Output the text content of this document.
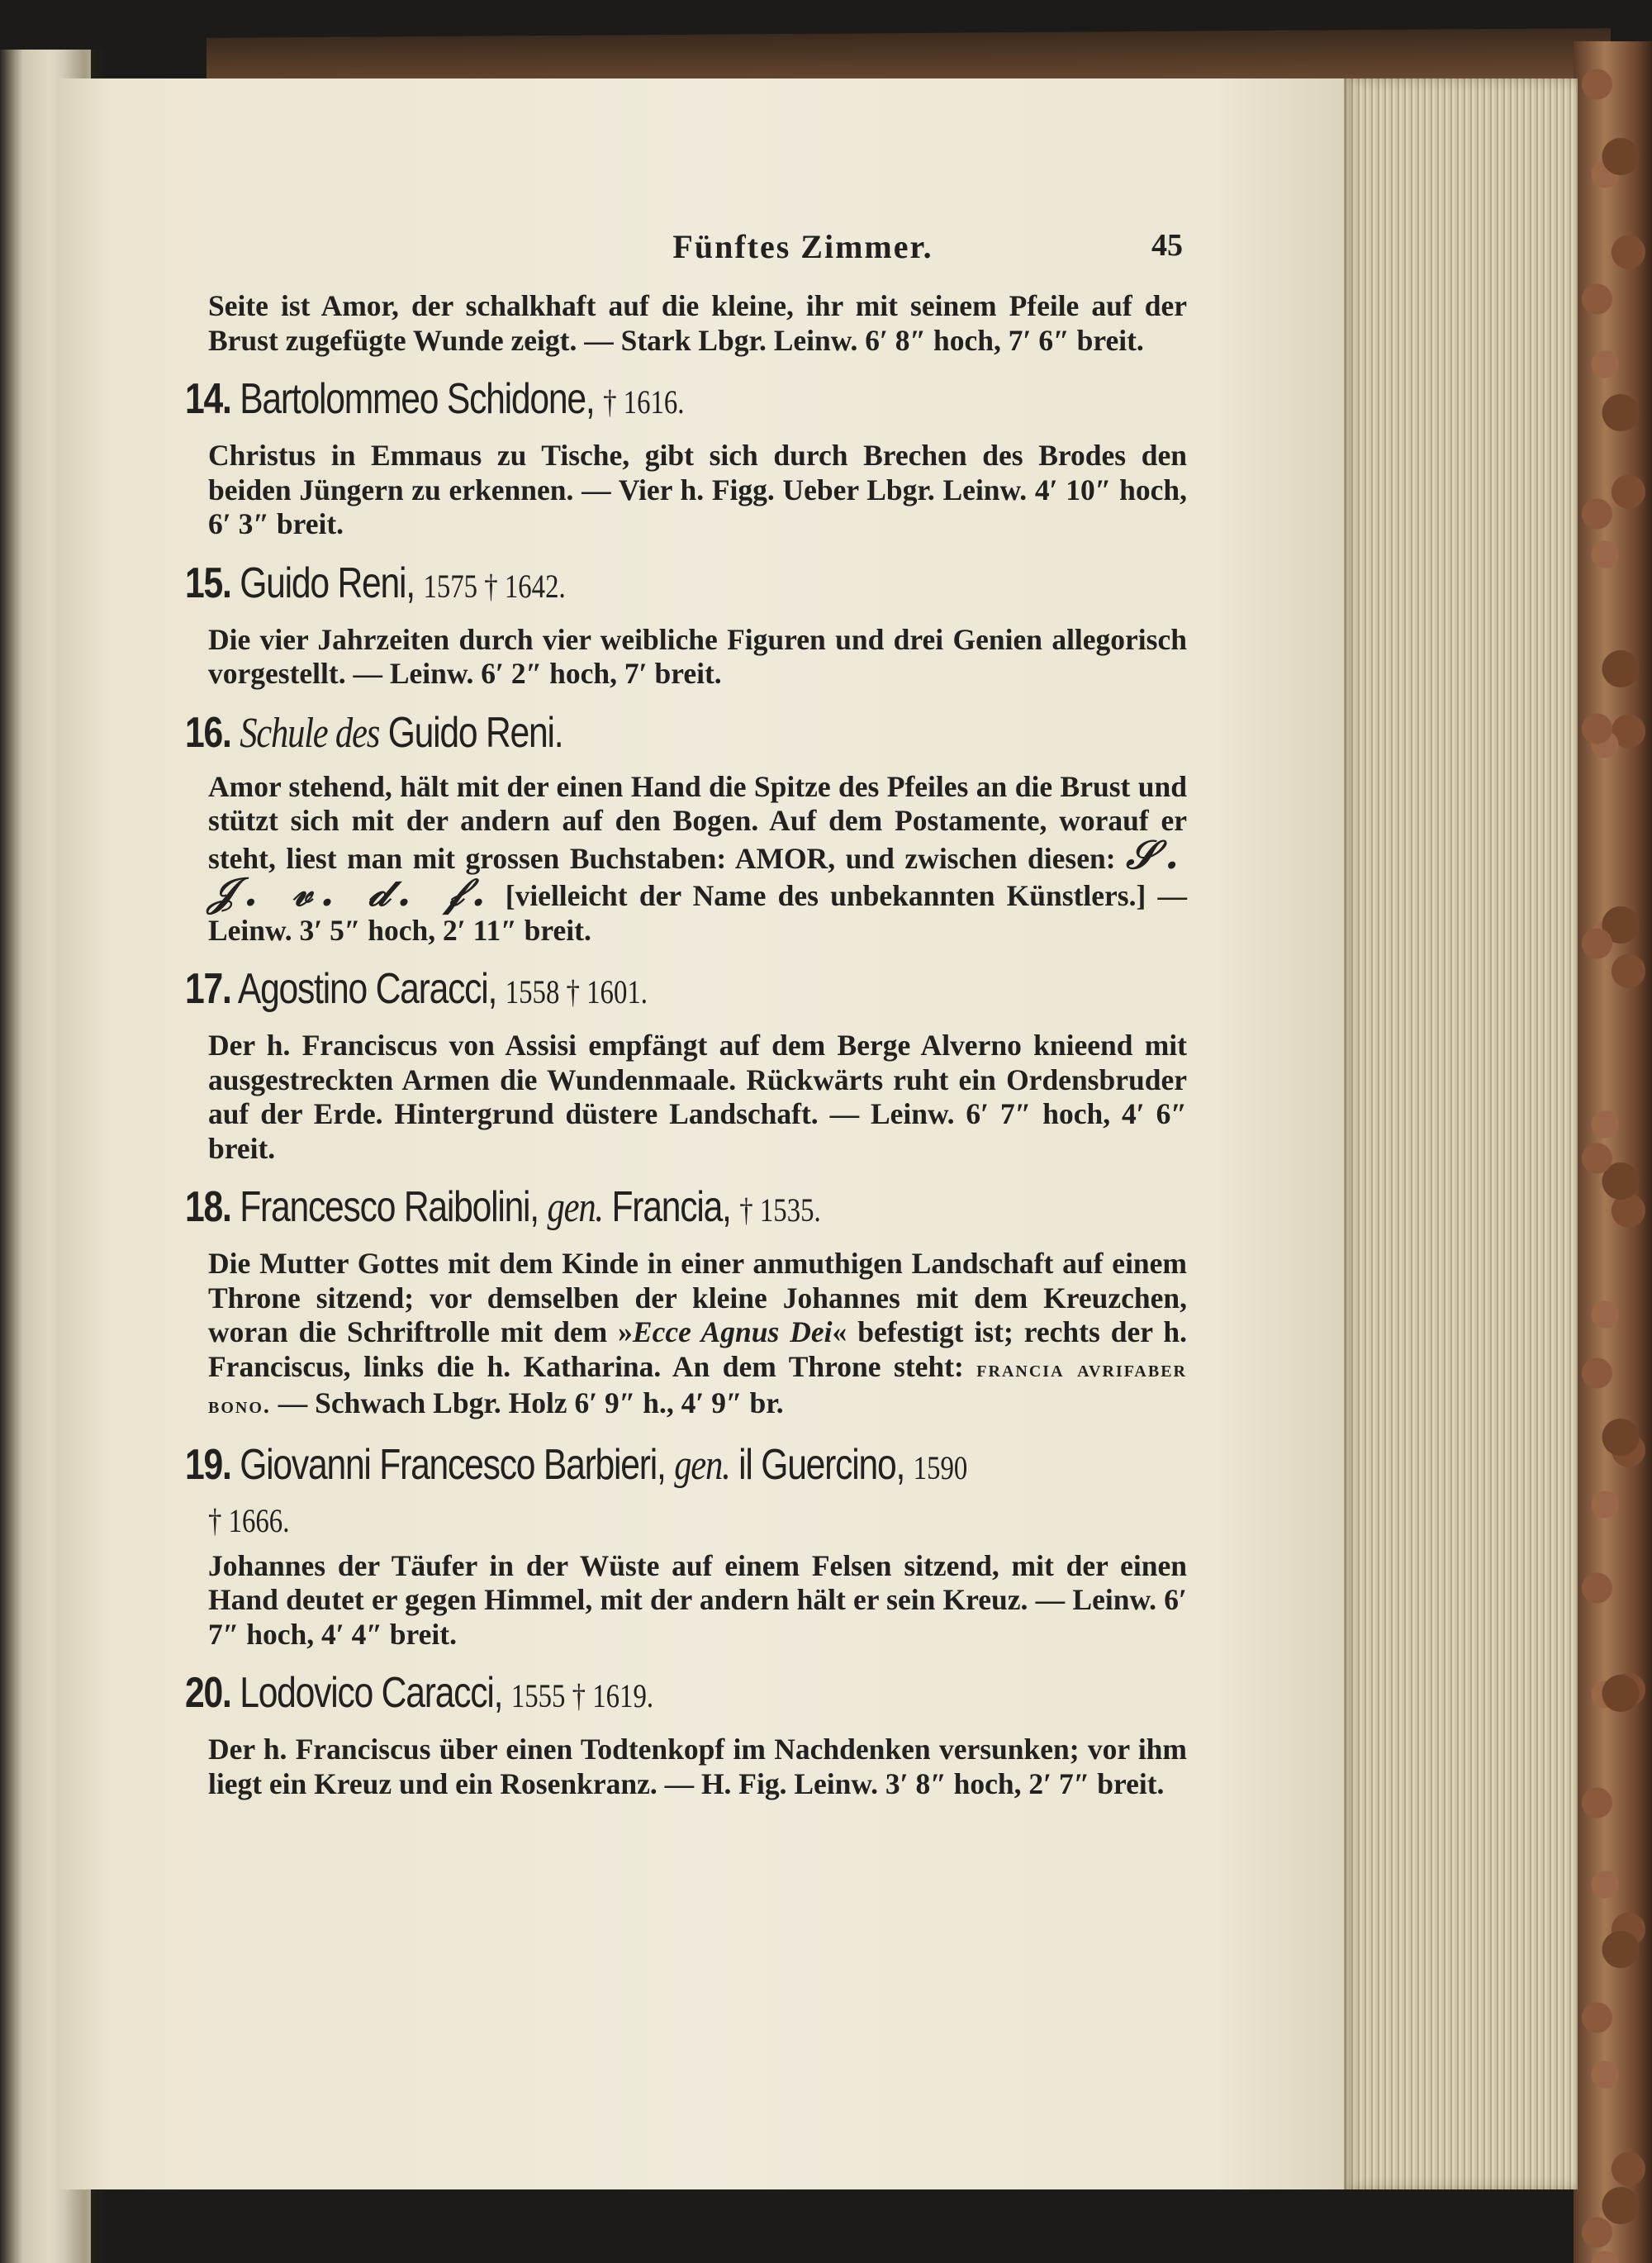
Fünftes Zimmer.	45

Seite ist Amor, der schalkhaft auf die kleine, ihr mit seinem Pfeile auf der Brust zugefügte Wunde zeigt. — Stark Lbgr. Leinw. 6′ 8″ hoch, 7′ 6″ breit.

14. Bartolommeo Schidone, † 1616.

Christus in Emmaus zu Tische, gibt sich durch Brechen des Brodes den beiden Jüngern zu erkennen. — Vier h. Figg. Ueber Lbgr. Leinw. 4′ 10″ hoch, 6′ 3″ breit.

15. Guido Reni, 1575 † 1642.

Die vier Jahrzeiten durch vier weibliche Figuren und drei Genien allegorisch vorgestellt. — Leinw. 6′ 2″ hoch, 7′ breit.

16. Schule des Guido Reni.

Amor stehend, hält mit der einen Hand die Spitze des Pfeiles an die Brust und stützt sich mit der andern auf den Bogen. Auf dem Postamente, worauf er steht, liest man mit grossen Buchstaben: AMOR, und zwischen diesen: 𝒮. 𝒥. 𝓋. 𝒹. 𝒻. [vielleicht der Name des unbekannten Künstlers.] — Leinw. 3′ 5″ hoch, 2′ 11″ breit.

17. Agostino Caracci, 1558 † 1601.

Der h. Franciscus von Assisi empfängt auf dem Berge Alverno knieend mit ausgestreckten Armen die Wundenmaale. Rückwärts ruht ein Ordensbruder auf der Erde. Hintergrund düstere Landschaft. — Leinw. 6′ 7″ hoch, 4′ 6″ breit.

18. Francesco Raibolini, gen. Francia, † 1535.

Die Mutter Gottes mit dem Kinde in einer anmuthigen Landschaft auf einem Throne sitzend; vor demselben der kleine Johannes mit dem Kreuzchen, woran die Schriftrolle mit dem »Ecce Agnus Dei« befestigt ist; rechts der h. Franciscus, links die h. Katharina. An dem Throne steht: francia avrifaber bono. — Schwach Lbgr. Holz 6′ 9″ h., 4′ 9″ br.

19. Giovanni Francesco Barbieri, gen. il Guercino, 1590
† 1666.

Johannes der Täufer in der Wüste auf einem Felsen sitzend, mit der einen Hand deutet er gegen Himmel, mit der andern hält er sein Kreuz. — Leinw. 6′ 7″ hoch, 4′ 4″ breit.

20. Lodovico Caracci, 1555 † 1619.

Der h. Franciscus über einen Todtenkopf im Nachdenken versunken; vor ihm liegt ein Kreuz und ein Rosenkranz. — H. Fig. Leinw. 3′ 8″ hoch, 2′ 7″ breit.
